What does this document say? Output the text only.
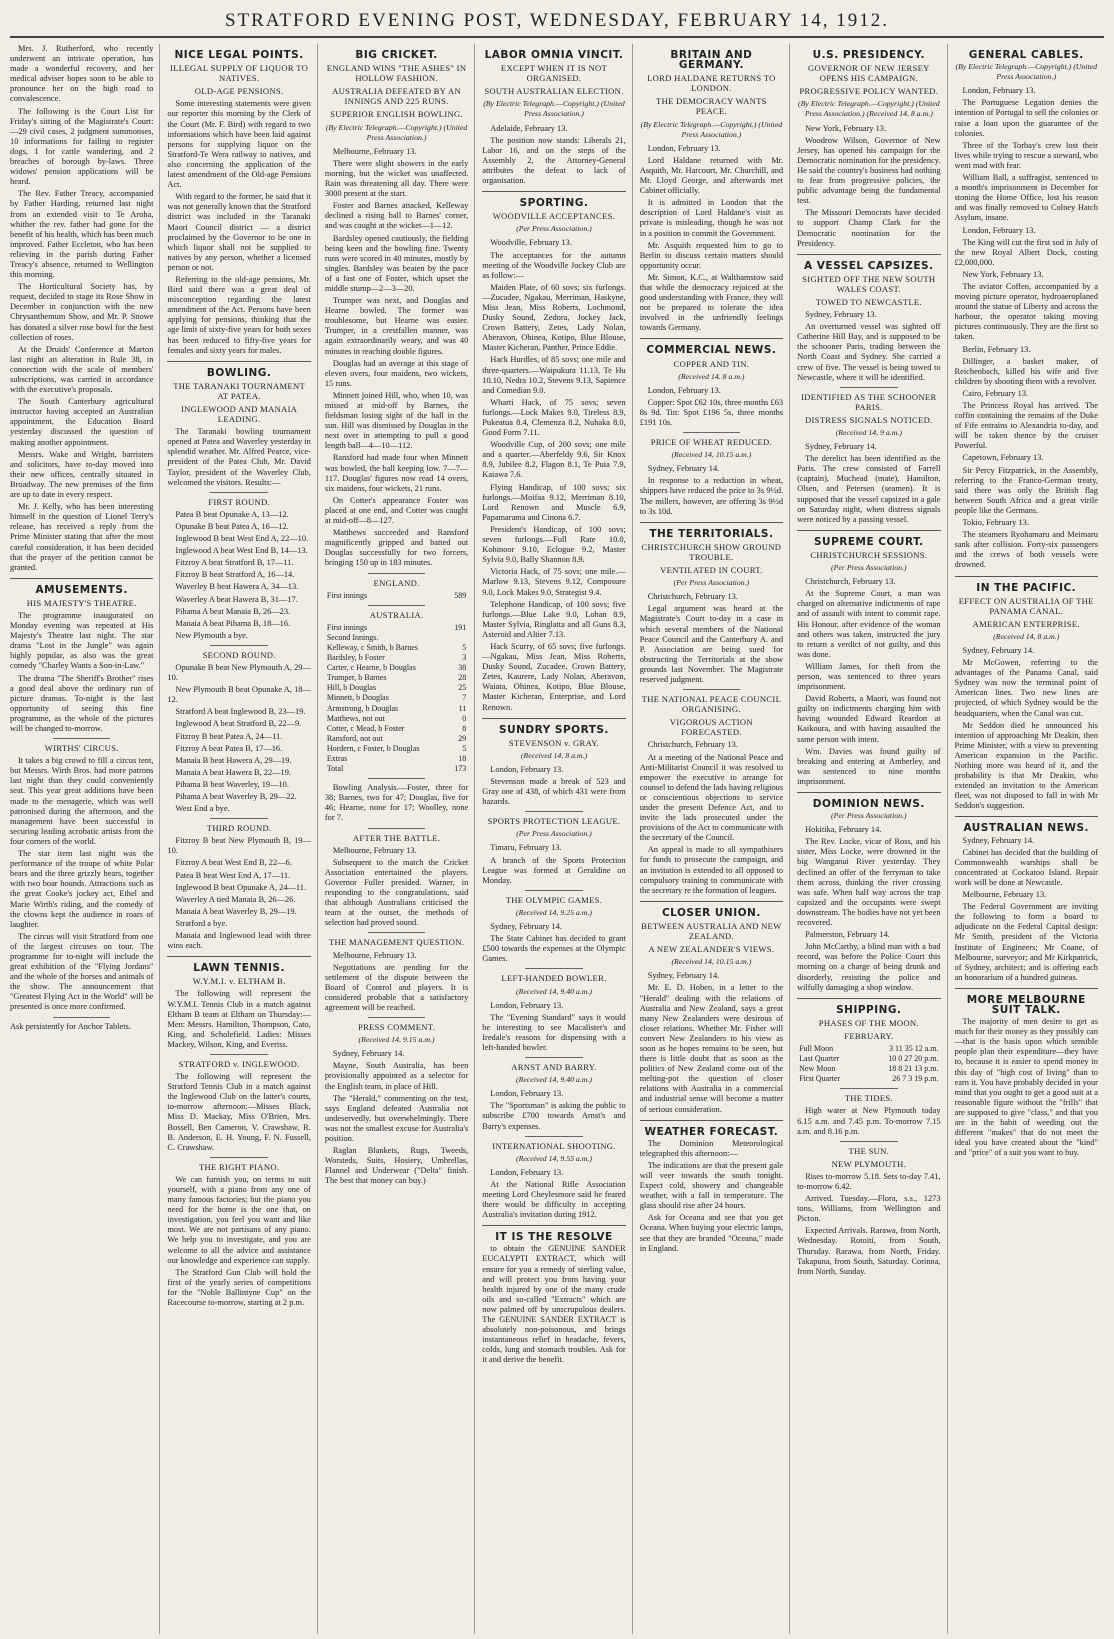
STRATFORD EVENING POST, WEDNESDAY, FEBRUARY 14, 1912.

Mrs. J. Rutherford, who recently underwent an intricate operation, has made a wonderful recovery, and her medical adviser hopes soon to be able to pronounce her on the high road to convalescence.

The following is the Court List for Friday's sitting of the Magistrate's Court:—29 civil cases, 2 judgment summonses, 10 informations for failing to register dogs, 1 for cattle wandering, and 2 breaches of borough by-laws. Three widows' pension applications will be heard.

The Rev. Father Treacy, accompanied by Father Harding, returned last night from an extended visit to Te Aroha, whither the rev. father had gone for the benefit of his health, which has been much improved. Father Eccleton, who has been relieving in the parish during Father Treacy's absence, returned to Wellington this morning.

The Horticultural Society has, by request, decided to stage its Rose Show in December in conjunction with the new Chrysanthemum Show, and Mr. P. Snowe has donated a silver rose bowl for the best collection of roses.

At the Druids' Conference at Marton last night an alteration in Rule 38, in connection with the scale of members' subscriptions, was carried in accordance with the executive's proposals.

The South Canterbury agricultural instructor having accepted an Australian appointment, the Education Board yesterday discussed the question of making another appointment.

Messrs. Wake and Wright, barristers and solicitors, have to-day moved into their new offices, centrally situated in Broadway. The new premises of the firm are up to date in every respect.

Mr. J. Kelly, who has been interesting himself in the question of Lionel Terry's release, has received a reply from the Prime Minister stating that after the most careful consideration, it has been decided that the prayer of the petition cannot be granted.

AMUSEMENTS.
HIS MAJESTY'S THEATRE.

The programme inaugurated on Monday evening was repeated at His Majesty's Theatre last night. The star drama "Lost in the Jungle" was again highly popular, as also was the great comedy "Charley Wants a Son-in-Law."

The drama "The Sheriff's Brother" rises a good deal above the ordinary run of picture dramas. To-night is the last opportunity of seeing this fine programme, as the whole of the pictures will be changed to-morrow.

WIRTHS' CIRCUS.

It takes a big crowd to fill a circus tent, but Messrs. Wirth Bros. had more patrons last night than they could conveniently seat. This year great additions have been made to the menagerie, which was well patronised during the afternoon, and the management have been successful in securing leading acrobatic artists from the four corners of the world.

The star item last night was the performance of the troupe of white Polar bears and the three grizzly bears, together with two boar hounds. Attractions such as the great Cooke's jockey act, Ethel and Marie Wirth's riding, and the comedy of the clowns kept the audience in roars of laughter.

The circus will visit Stratford from one of the largest circuses on tour. The programme for to-night will include the great exhibition of the "Flying Jordans" and the whole of the horses and animals of the show. The announcement that "Greatest Flying Act in the World" will be presented is once more confirmed.

Ask persistently for Anchor Tablets.
NICE LEGAL POINTS.
ILLEGAL SUPPLY OF LIQUOR TO NATIVES.
OLD-AGE PENSIONS.

Some interesting statements were given our reporter this morning by the Clerk of the Court (Mr. F. Bird) with regard to two informations which have been laid against persons for supplying liquor on the Stratford-Te Wera railway to natives, and also concerning the application of the latest amendment of the Old-age Pensions Act.

With regard to the former, he said that it was not generally known that the Stratford district was included in the Taranaki Maori Council district — a district proclaimed by the Governor to be one in which liquor shall not be supplied to natives by any person, whether a licensed person or not.

Referring to the old-age pensions, Mr. Bird said there was a great deal of misconception regarding the latest amendment of the Act. Persons have been applying for pensions, thinking that the age limit of sixty-five years for both sexes has been reduced to fifty-five years for females and sixty years for males.

BOWLING.
THE TARANAKI TOURNAMENT AT PATEA.
INGLEWOOD AND MANAIA LEADING.

The Taranaki bowling tournament opened at Patea and Waverley yesterday in splendid weather. Mr. Alfred Pearce, vice-president of the Patea Club, Mr. David Taylor, president of the Waverley Club, welcomed the visitors. Results:—

FIRST ROUND.

Patea B beat Opunake A, 13—12.

Opunake B beat Patea A, 16—12.

Inglewood B beat West End A, 22—10.

Inglewood A beat West End B, 14—13.

Fitzroy A beat Stratford B, 17—11.

Fitzroy B beat Stratford A, 16—14.

Waverley B beat Hawera A, 34—13.

Waverley A beat Hawera B, 31—17.

Pihama A beat Manaia B, 26—23.

Manaia A beat Pihama B, 18—16.

New Plymouth a bye.

SECOND ROUND.

Opunake B beat New Plymouth A, 29—10.

New Plymouth B beat Opunake A, 18—12.

Stratford A beat Inglewood B, 23—19.

Inglewood A beat Stratford B, 22—9.

Fitzroy B beat Patea A, 24—11.

Fitzroy A beat Patea B, 17—16.

Manaia B beat Hawera A, 29—19.

Manaia A beat Hawera B, 22—19.

Pihama B beat Waverley, 19—10.

Pihama A beat Waverley B, 29—22.

West End a bye.

THIRD ROUND.

Fitzroy B beat New Plymouth B, 19—10.

Fitzroy A beat West End B, 22—6.

Patea B beat West End A, 17—11.

Inglewood B beat Opunake A, 24—11.

Waverley A tied Manaia B, 26—26.

Manaia A beat Waverley B, 29—19.

Stratford a bye.

Manaia and Inglewood lead with three wins each.

LAWN TENNIS.
W.Y.M.I. v. ELTHAM B.

The following will represent the W.Y.M.I. Tennis Club in a match against Eltham B team at Eltham on Thursday:—Men: Messrs. Hamilton, Thompson, Cato, King, and Scholefield. Ladies: Misses Mackey, Wilson, King, and Everiss.

STRATFORD v. INGLEWOOD.

The following will represent the Stratford Tennis Club in a match against the Inglewood Club on the latter's courts, to-morrow afternoon:—Misses Black, Miss D. Mackay, Miss O'Brien, Mrs. Bossell, Ben Cameron, V. Crawshaw, R. B. Anderson, E. H. Young, F. N. Fussell, C. Crawshaw.

THE RIGHT PIANO.

We can furnish you, on terms to suit yourself, with a piano from any one of many famous factories; but the piano you need for the home is the one that, on investigation, you feel you want and like most. We are not partisans of any piano. We help you to investigate, and you are welcome to all the advice and assistance our knowledge and experience can supply.

The Stratford Gun Club will hold the first of the yearly series of competitions for the "Noble Ballintyne Cup" on the Racecourse to-morrow, starting at 2 p.m.

BIG CRICKET.
ENGLAND WINS "THE ASHES" IN HOLLOW FASHION.
AUSTRALIA DEFEATED BY AN INNINGS AND 225 RUNS.
SUPERIOR ENGLISH BOWLING.
(By Electric Telegraph.—Copyright.) (United Press Association.)

Melbourne, February 13.

There were slight showers in the early morning, but the wicket was unaffected. Rain was threatening all day. There were 3000 present at the start.

Foster and Barnes attacked, Kelleway declined a rising ball to Barnes' corner, and was caught at the wicket—1—12.

Bardsley opened cautiously, the fielding being keen and the bowling fine. Twenty runs were scored in 40 minutes, mostly by singles. Bardsley was beaten by the pace of a fast one of Foster, which upset the middle stump—2—3—20.

Trumper was next, and Douglas and Hearne bowled. The former was troublesome, but Hearne was easier. Trumper, in a crestfallen manner, was again extraordinarily weary, and was 40 minutes in reaching double figures.

Douglas had an average at this stage of eleven overs, four maidens, two wickets, 15 runs.

Minnett joined Hill, who, when 10, was missed at mid-off by Barnes, the fieldsman losing sight of the ball in the sun. Hill was dismissed by Douglas in the next over in attempting to pull a good length ball—4—10—112.

Ransford had made four when Minnett was bowled, the ball keeping low. 7—7—117. Douglas' figures now read 14 overs, six maidens, four wickets, 21 runs.

On Cotter's appearance Foster was placed at one end, and Cotter was caught at mid-off—8—127.

Matthews succeeded and Ransford magnificently gripped and batted out Douglas successfully for two forcers, bringing 150 up in 183 minutes.

ENGLAND.
First innings	589
AUSTRALIA.
First innings	191
Second Innings.	
Kelleway, c Smith, b Barnes	5
Bardsley, b Foster	3
Carter, c Hearne, b Douglas	38
Trumper, b Barnes	28
Hill, b Douglas	25
Minnett, b Douglas	7
Armstrong, b Douglas	11
Matthews, not out	0
Cotter, c Mead, b Foster	8
Ransford, not out	29
Hordern, c Foster, b Douglas	5
Extras	18
Total	173

Bowling Analysis.—Foster, three for 38; Barnes, two for 47; Douglas, five for 46; Hearne, none for 17; Woolley, none for 7.

AFTER THE BATTLE.

Melbourne, February 13.

Subsequent to the match the Cricket Association entertained the players. Governor Fuller presided. Warner, in responding to the congratulations, said that although Australians criticised the team at the outset, the methods of selection had proved sound.

THE MANAGEMENT QUESTION.

Melbourne, February 13.

Negotiations are pending for the settlement of the dispute between the Board of Control and players. It is considered probable that a satisfactory agreement will be reached.

PRESS COMMENT.
(Received 14, 9.15 a.m.)

Sydney, February 14.

Mayne, South Australia, has been provisionally appointed as a selector for the English team, in place of Hill.

The "Herald," commenting on the test, says England defeated Australia not undeservedly, but overwhelmingly. There was not the smallest excuse for Australia's position.

Raglan Blankets, Rugs, Tweeds, Worsteds, Suits, Hosiery, Umbrellas, Flannel and Underwear ("Delta" finish. The best that money can buy.)

LABOR OMNIA VINCIT.
EXCEPT WHEN IT IS NOT ORGANISED.
SOUTH AUSTRALIAN ELECTION.
(By Electric Telegraph.—Copyright.) (United Press Association.)

Adelaide, February 13.

The position now stands: Liberals 21, Labor 16, and on the steps of the Assembly 2, the Attorney-General attributes the defeat to lack of organisation.

SPORTING.
WOODVILLE ACCEPTANCES.
(Per Press Association.)

Woodville, February 13.

The acceptances for the autumn meeting of the Woodville Jockey Club are as follow:—

Maiden Plate, of 60 sovs; six furlongs.—Zucadee, Ngakau, Merriman, Haskyne, Miss Jean, Miss Roberts, Lochmond, Dusky Sound, Zedora, Jockey Jack, Crown Battery, Zetes, Lady Nolan, Aberavon, Ohinea, Kotipo, Blue Blouse, Master Kicheran, Panther, Prince Eddie.

Hack Hurdles, of 85 sovs; one mile and three-quarters.—Waipukura 11.13, Te Hu 10.10, Nedra 10.2, Stevens 9.13, Sapience and Comedian 9.0.

Wharti Hack, of 75 sovs; seven furlongs.—Lock Makes 9.0, Tireless 8.9, Pukeatua 8.4, Clemenza 8.2, Nuhaka 8.0, Good Form 7.11.

Woodville Cup, of 200 sovs; one mile and a quarter.—Aberfeldy 9.6, Sir Knox 8.9, Jubilee 8.2, Flagon 8.1, Te Puia 7.9, Kaiawa 7.6.

Flying Handicap, of 100 sovs; six furlongs.—Moifaa 9.12, Merriman 8.10, Lord Renown and Muscle 6.9, Papamarama and Cinona 6.7.

President's Handicap, of 100 sovs; seven furlongs.—Full Rate 10.0, Kohinoor 9.10, Eclogue 9.2, Master Sylvia 9.0, Bally Shannon 8.9.

Victoria Hack, of 75 sovs; one mile.—Marlow 9.13, Stevens 9.12, Composure 9.0, Lock Makes 9.0, Strategist 9.4.

Telephone Handicap, of 100 sovs; five furlongs.—Blue Lake 9.0, Lohan 8.9, Master Sylvia, Ringlatta and all Guns 8.3, Asteroid and Altier 7.13.

Hack Scurry, of 65 sovs; five furlongs.—Ngakau, Miss Jean, Miss Roberts, Dusky Sound, Zucadee, Crown Battery, Zetes, Kaurere, Lady Nolan, Aberavon, Waiata, Ohinea, Kotipo, Blue Blouse, Master Kicheran, Enterprise, and Lord Renown.

SUNDRY SPORTS.
STEVENSON v. GRAY.
(Received 14, 8 a.m.)

London, February 13.

Stevenson made a break of 523 and Gray one of 438, of which 431 were from hazards.

SPORTS PROTECTION LEAGUE.
(Per Press Association.)

Timaru, February 13.

A branch of the Sports Protection League was formed at Geraldine on Monday.

THE OLYMPIC GAMES.
(Received 14, 9.25 a.m.)

Sydney, February 14.

The State Cabinet has decided to grant £500 towards the expenses at the Olympic Games.

LEFT-HANDED BOWLER.
(Received 14, 9.40 a.m.)

London, February 13.

The "Evening Standard" says it would be interesting to see Macalister's and Iredale's reasons for dispensing with a left-handed bowler.

ARNST AND BARRY.
(Received 14, 9.40 a.m.)

London, February 13.

The "Sportsman" is asking the public to subscribe £700 towards Arnst's and Barry's expenses.

INTERNATIONAL SHOOTING.
(Received 14, 9.55 a.m.)

London, February 13.

At the National Rifle Association meeting Lord Cheylesmore said he feared there would be difficulty in accepting Australia's invitation during 1912.

IT IS THE RESOLVE

to obtain the GENUINE SANDER EUCALYPTI EXTRACT, which will ensure for you a remedy of sterling value, and will protect you from having your health injured by one of the many crude oils and so-called "Extracts" which are now palmed off by unscrupulous dealers. The GENUINE SANDER EXTRACT is absolutely non-poisonous, and brings instantaneous relief in headache, fevers, colds, lung and stomach troubles. Ask for it and derive the benefit.

BRITAIN AND GERMANY.
LORD HALDANE RETURNS TO LONDON.
THE DEMOCRACY WANTS PEACE.
(By Electric Telegraph.—Copyright.) (United Press Association.)

London, February 13.

Lord Haldane returned with Mr. Asquith, Mr. Harcourt, Mr. Churchill, and Mr. Lloyd George, and afterwards met Cabinet officially.

It is admitted in London that the description of Lord Haldane's visit as private is misleading, though he was not in a position to commit the Government.

Mr. Asquith requested him to go to Berlin to discuss certain matters should opportunity occur.

Mr. Simon, K.C., at Walthamstow said that while the democracy rejoiced at the good understanding with France, they will not be prepared to tolerate the idea involved in the unfriendly feelings towards Germany.

COMMERCIAL NEWS.
COPPER AND TIN.
(Received 14, 8 a.m.)

London, February 13.

Copper: Spot £62 10s, three months £63 8s 9d. Tin: Spot £196 5s, three months £191 10s.

PRICE OF WHEAT REDUCED.
(Received 14, 10.15 a.m.)

Sydney, February 14.

In response to a reduction in wheat, shippers have reduced the price to 3s 9½d. The millers, however, are offering 3s 9½d to 3s 10d.

THE TERRITORIALS.
CHRISTCHURCH SHOW GROUND TROUBLE.
VENTILATED IN COURT.
(Per Press Association.)

Christchurch, February 13.

Legal argument was heard at the Magistrate's Court to-day in a case in which several members of the National Peace Council and the Canterbury A. and P. Association are being sued for obstructing the Territorials at the show grounds last November. The Magistrate reserved judgment.

THE NATIONAL PEACE COUNCIL ORGANISING.
VIGOROUS ACTION FORECASTED.

Christchurch, February 13.

At a meeting of the National Peace and Anti-Militarist Council it was resolved to empower the executive to arrange for counsel to defend the lads having religious or conscientious objections to service under the present Defence Act, and to invite the lads prosecuted under the provisions of the Act to communicate with the secretary of the Council.

An appeal is made to all sympathisers for funds to prosecute the campaign, and an invitation is extended to all opposed to compulsory training to communicate with the secretary re the formation of leagues.

CLOSER UNION.
BETWEEN AUSTRALIA AND NEW ZEALAND.
A NEW ZEALANDER'S VIEWS.
(Received 14, 10.15 a.m.)

Sydney, February 14.

Mr. E. D. Hoben, in a letter to the "Herald" dealing with the relations of Australia and New Zealand, says a great many New Zealanders were desirous of closer relations. Whether Mr. Fisher will convert New Zealanders to his view as soon as he hopes remains to be seen, but there is little doubt that as soon as the politics of New Zealand come out of the melting-pot the question of closer relations with Australia in a commercial and industrial sense will become a matter of serious consideration.

WEATHER FORECAST.

The Dominion Meteorological telegraphed this afternoon:—

The indications are that the present gale will veer towards the south tonight. Expect cold, showery and changeable weather, with a fall in temperature. The glass should rise after 24 hours.

Ask for Oceana and see that you get Oceana. When buying your electric lamps, see that they are branded "Oceana," made in England.

U.S. PRESIDENCY.
GOVERNOR OF NEW JERSEY OPENS HIS CAMPAIGN.
PROGRESSIVE POLICY WANTED.
(By Electric Telegraph.—Copyright.) (United Press Association.) (Received 14, 8 a.m.)

New York, February 13.

Woodrow Wilson, Governor of New Jersey, has opened his campaign for the Democratic nomination for the presidency. He said the country's business had nothing to fear from progressive policies, the public advantage being the fundamental test.

The Missouri Democrats have decided to support Champ Clark for the Democratic nomination for the Presidency.

A VESSEL CAPSIZES.
SIGHTED OFF THE NEW SOUTH WALES COAST.
TOWED TO NEWCASTLE.

Sydney, February 13.

An overturned vessel was sighted off Catherine Hill Bay, and is supposed to be the schooner Paris, trading between the North Coast and Sydney. She carried a crew of five. The vessel is being towed to Newcastle, where it will be identified.

IDENTIFIED AS THE SCHOONER PARIS.
DISTRESS SIGNALS NOTICED.
(Received 14, 9 a.m.)

Sydney, February 14.

The derelict has been identified as the Paris. The crew consisted of Farrell (captain), Muchead (mate), Hamilton, Olsen, and Petersen (seamen). It is supposed that the vessel capsized in a gale on Saturday night, when distress signals were noticed by a passing vessel.

SUPREME COURT.
CHRISTCHURCH SESSIONS.
(Per Press Association.)

Christchurch, February 13.

At the Supreme Court, a man was charged on alternative indictments of rape and of assault with intent to commit rape. His Honour, after evidence of the woman and others was taken, instructed the jury to return a verdict of not guilty, and this was done.

William James, for theft from the person, was sentenced to three years imprisonment.

David Roberts, a Maori, was found not guilty on indictments charging him with having wounded Edward Reardon at Kaikoura, and with having assaulted the same person with intent.

Wm. Davies was found guilty of breaking and entering at Amberley, and was sentenced to nine months imprisonment.

DOMINION NEWS.
(Per Press Association.)

Hokitika, February 14.

The Rev. Locke, vicar of Ross, and his sister, Miss Locke, were drowned in the big Wanganui River yesterday. They declined an offer of the ferryman to take them across, thinking the river crossing was safe. When half way across the trap capsized and the occupants were swept downstream. The bodies have not yet been recovered.

Palmerston, February 14.

John McCarthy, a blind man with a bad record, was before the Police Court this morning on a charge of being drunk and disorderly, resisting the police and wilfully damaging a shop window.

SHIPPING.
PHASES OF THE MOON.
FEBRUARY.
Full Moon	3 11 35 12 a.m.
Last Quarter	10 0 27 20 p.m.
New Moon	18 8 21 13 p.m.
First Quarter	26 7 3 19 p.m.
THE TIDES.

High water at New Plymouth today 6.15 a.m. and 7.45 p.m. To-morrow 7.15 a.m. and 8.16 p.m.

THE SUN.
NEW PLYMOUTH.

Rises to-morrow 5.18. Sets to-day 7.41, to-morrow 6.42.

Arrived. Tuesday.—Flora, s.s., 1273 tons, Williams, from Wellington and Picton.

Expected Arrivals. Rarawa, from North, Wednesday. Rotoiti, from South, Thursday. Rarawa, from North, Friday. Takapuna, from South, Saturday. Corinna, from North, Sunday.

GENERAL CABLES.
(By Electric Telegraph.—Copyright.) (United Press Association.)

London, February 13.

The Portuguese Legation denies the intention of Portugal to sell the colonies or raise a loan upon the guarantee of the colonies.

Three of the Torbay's crew lost their lives while trying to rescue a steward, who went mad with fear.

William Ball, a suffragist, sentenced to a month's imprisonment in December for stoning the Home Office, lost his reason and was finally removed to Colney Hatch Asylum, insane.

London, February 13.

The King will cut the first sod in July of the new Royal Albert Dock, costing £2,000,000.

New York, February 13.

The aviator Coffen, accompanied by a moving picture operator, hydroaeroplaned around the statue of Liberty and across the harbour, the operator taking moving pictures continuously. They are the first so taken.

Berlin, February 13.

Dillinger, a basket maker, of Reichenbach, killed his wife and five children by shooting them with a revolver.

Cairo, February 13.

The Princess Royal has arrived. The coffin containing the remains of the Duke of Fife entrains to Alexandria to-day, and will be taken thence by the cruiser Powerful.

Capetown, February 13.

Sir Percy Fitzpatrick, in the Assembly, referring to the Franco-German treaty, said there was only the British flag between South Africa and a great virile people like the Germans.

Tokio, February 13.

The steamers Ryohamaru and Meimaru sank after collision. Forty-six passengers and the crews of both vessels were drowned.

IN THE PACIFIC.
EFFECT ON AUSTRALIA OF THE PANAMA CANAL.
AMERICAN ENTERPRISE.
(Received 14, 8 a.m.)

Sydney, February 14.

Mr McGowen, referring to the advantages of the Panama Canal, said Sydney was now the terminal point of American lines. Two new lines are projected, of which Sydney would be the headquarters, when the Canal was cut.

Mr Seddon died he announced his intention of approaching Mr Deakin, then Prime Minister, with a view to preventing American expansion in the Pacific. Nothing more was heard of it, and the probability is that Mr Deakin, who extended an invitation to the American fleet, was not disposed to fall in with Mr Seddon's suggestion.

AUSTRALIAN NEWS.

Sydney, February 14.

Cabinet has decided that the building of Commonwealth warships shall be concentrated at Cockatoo Island. Repair work will be done at Newcastle.

Melbourne, February 13.

The Federal Government are inviting the following to form a board to adjudicate on the Federal Capital design: Mr Smith, president of the Victoria Institute of Engineers; Mr Coane, of Melbourne, surveyor; and Mr Kirkpatrick, of Sydney, architect; and is offering each an honorarium of a hundred guineas.

MORE MELBOURNE SUIT TALK.

The majority of men desire to get as much for their money as they possibly can—that is the basis upon which sensible people plan their expenditure—they have to, because it is easier to spend money in this day of "high cost of living" than to earn it. You have probably decided in your mind that you ought to get a good suit at a reasonable figure without the "frills" that are supposed to give "class," and that you are in the habit of weeding out the different "makes" that do not meet the ideal you have created about the "kind" and "price" of a suit you want to buy.
